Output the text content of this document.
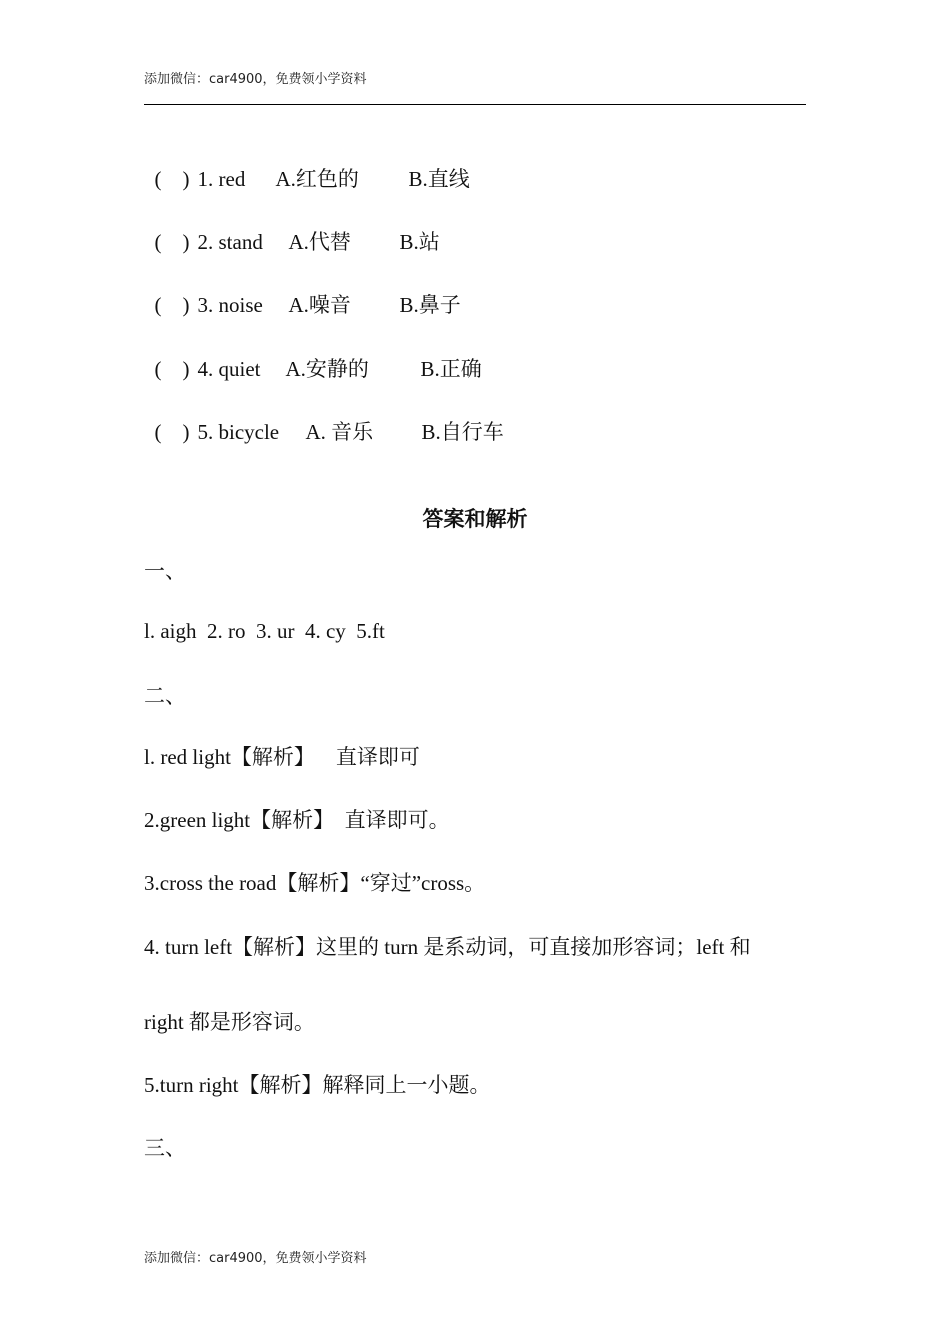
添加微信：car4900，免费领小学资料

(    ) 1. red A.红色的 B.直线

(    ) 2. stand A.代替 B.站

(    ) 3. noise A.噪音 B.鼻子

(    ) 4. quiet A.安静的 B.正确

(    ) 5. bicycle A. 音乐 B.自行车

答案和解析
一、
l. aigh  2. ro  3. ur  4. cy  5.ft
二、
l. red light【解析】    直译即可
2.green light【解析】  直译即可。
3.cross the road【解析】“穿过”cross。
4. turn left【解析】这里的 turn 是系动词，可直接加形容词；left 和
right 都是形容词。
5.turn right【解析】解释同上一小题。
三、
添加微信：car4900，免费领小学资料
